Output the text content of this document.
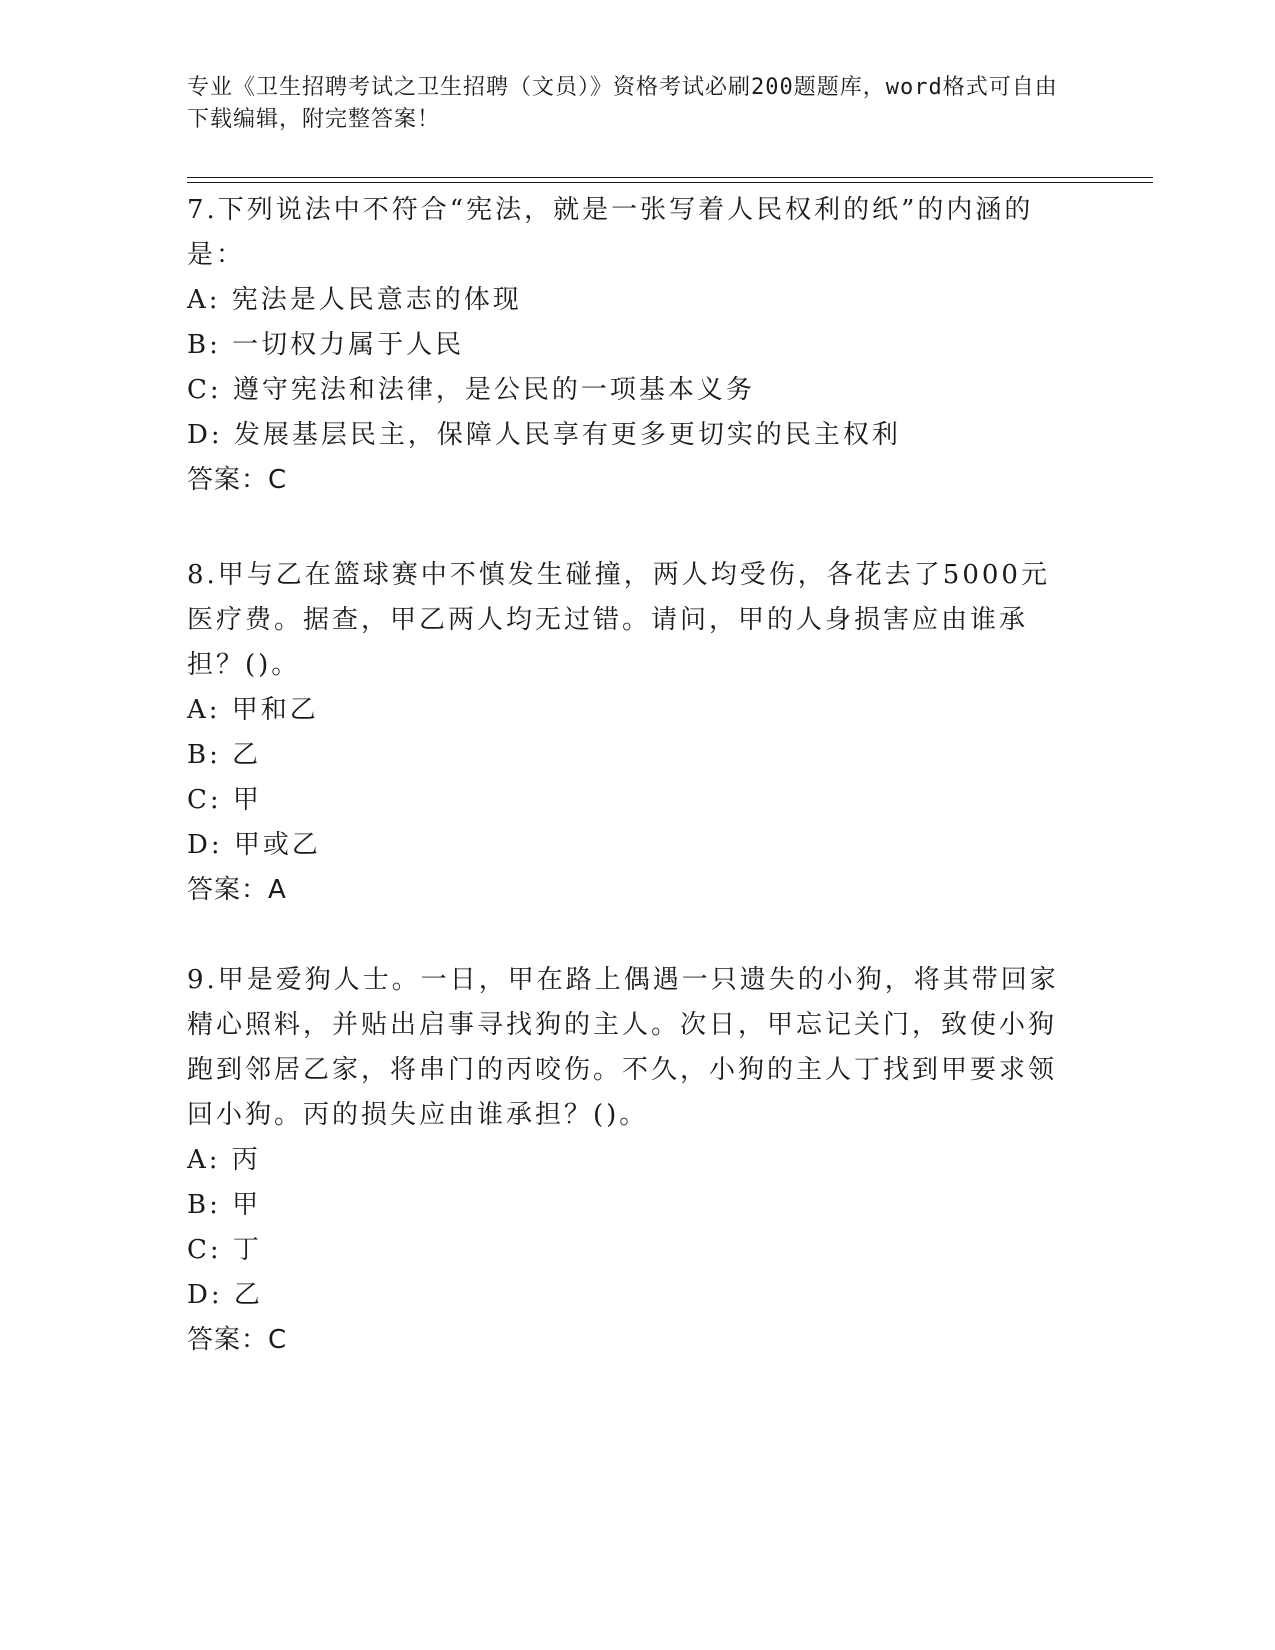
专业《卫生招聘考试之卫生招聘（文员）》资格考试必刷200题题库，word格式可自由下载编辑，附完整答案！

7.下列说法中不符合“宪法，就是一张写着人民权利的纸”的内涵的是：

A: 宪法是人民意志的体现

B: 一切权力属于人民

C: 遵守宪法和法律，是公民的一项基本义务

D: 发展基层民主，保障人民享有更多更切实的民主权利

答案：C

8.甲与乙在篮球赛中不慎发生碰撞，两人均受伤，各花去了5000元医疗费。据查，甲乙两人均无过错。请问，甲的人身损害应由谁承担？()。

A: 甲和乙

B: 乙

C: 甲

D: 甲或乙

答案：A

9.甲是爱狗人士。一日，甲在路上偶遇一只遗失的小狗，将其带回家精心照料，并贴出启事寻找狗的主人。次日，甲忘记关门，致使小狗跑到邻居乙家，将串门的丙咬伤。不久，小狗的主人丁找到甲要求领回小狗。丙的损失应由谁承担？()。

A: 丙

B: 甲

C: 丁

D: 乙

答案：C
